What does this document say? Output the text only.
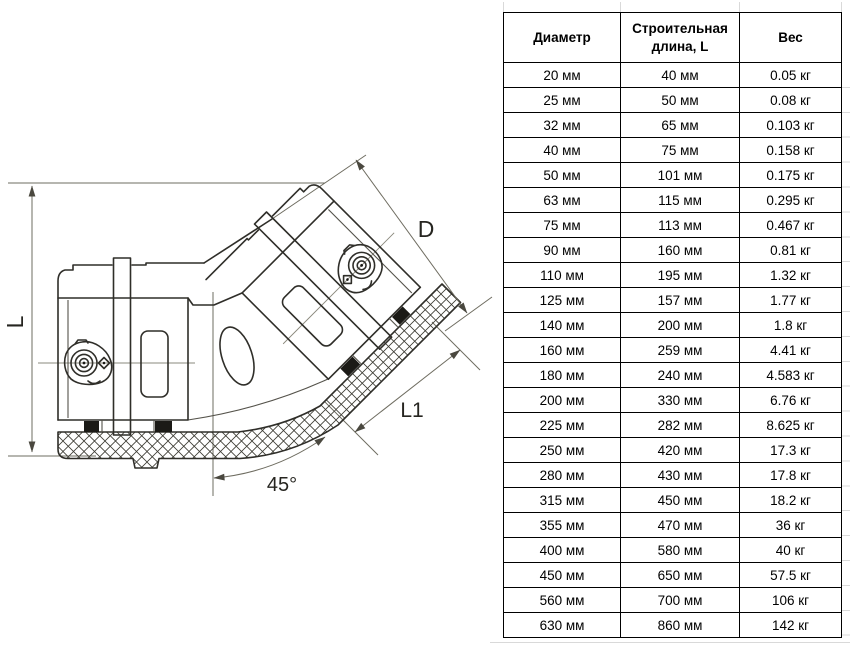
L
D
L1
45°
Диаметр	Строительная длина, L	Вес
20 мм	40 мм	0.05 кг
25 мм	50 мм	0.08 кг
32 мм	65 мм	0.103 кг
40 мм	75 мм	0.158 кг
50 мм	101 мм	0.175 кг
63 мм	115 мм	0.295 кг
75 мм	113 мм	0.467 кг
90 мм	160 мм	0.81 кг
110 мм	195 мм	1.32 кг
125 мм	157 мм	1.77 кг
140 мм	200 мм	1.8 кг
160 мм	259 мм	4.41 кг
180 мм	240 мм	4.583 кг
200 мм	330 мм	6.76 кг
225 мм	282 мм	8.625 кг
250 мм	420 мм	17.3 кг
280 мм	430 мм	17.8 кг
315 мм	450 мм	18.2 кг
355 мм	470 мм	36 кг
400 мм	580 мм	40 кг
450 мм	650 мм	57.5 кг
560 мм	700 мм	106 кг
630 мм	860 мм	142 кг
